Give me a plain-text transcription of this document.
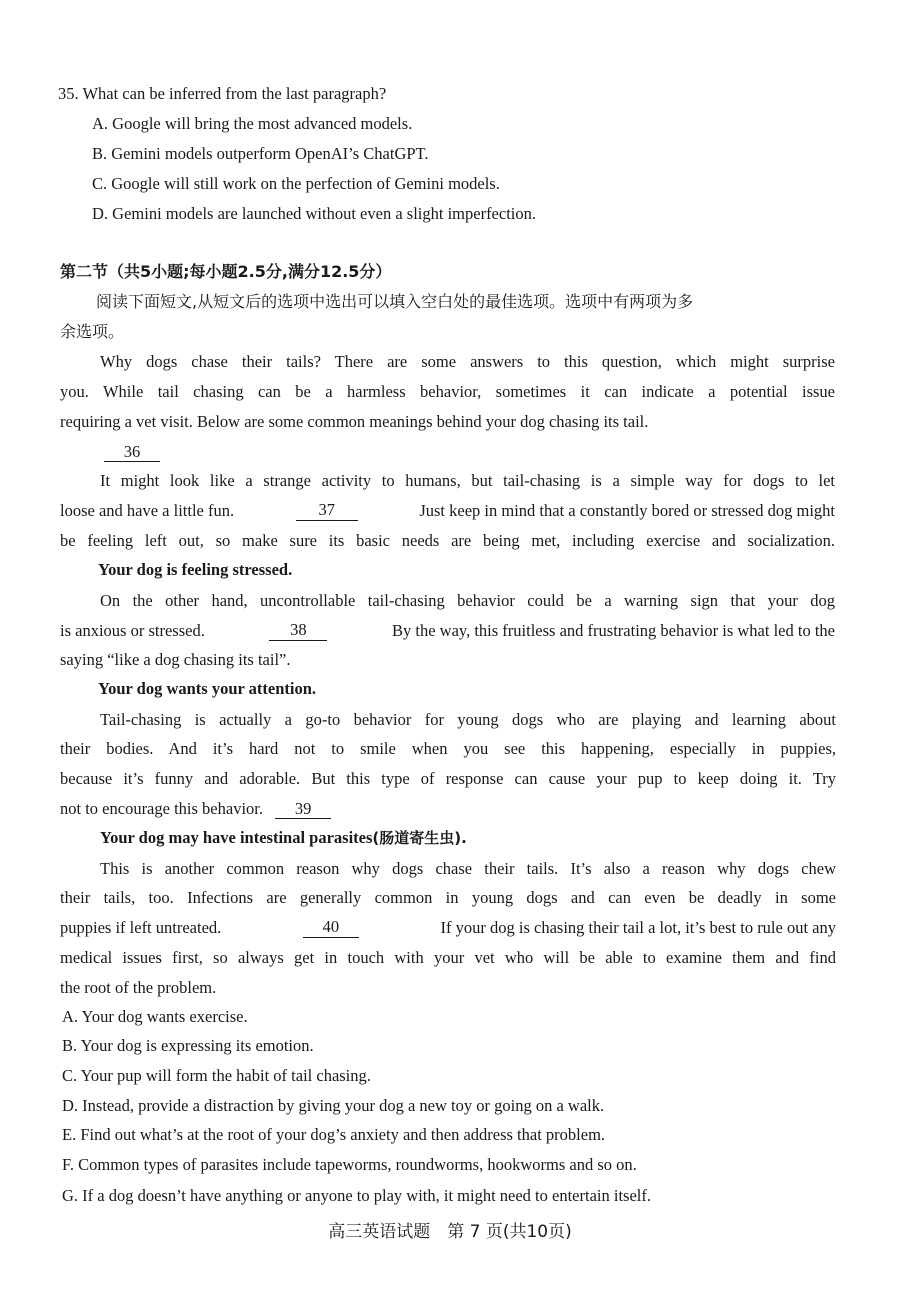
35. What can be inferred from the last paragraph?
A. Google will bring the most advanced models.
B. Gemini models outperform OpenAI’s ChatGPT.
C. Google will still work on the perfection of Gemini models.
D. Gemini models are launched without even a slight imperfection.
第二节（共5小题;每小题2.5分,满分12.5分）
阅读下面短文,从短文后的选项中选出可以填入空白处的最佳选项。选项中有两项为多
余选项。
Why dogs chase their tails? There are some answers to this question, which might surprise
you. While tail chasing can be a harmless behavior, sometimes it can indicate a potential issue
requiring a vet visit. Below are some common meanings behind your dog chasing its tail.
36
It might look like a strange activity to humans, but tail-chasing is a simple way for dogs to let
loose and have a little fun.	37	Just keep in mind that a constantly bored or stressed dog might
be feeling left out, so make sure its basic needs are being met, including exercise and socialization.
Your dog is feeling stressed.
On the other hand, uncontrollable tail-chasing behavior could be a warning sign that your dog
is anxious or stressed.	38	By the way, this fruitless and frustrating behavior is what led to the
saying “like a dog chasing its tail”.
Your dog wants your attention.
Tail-chasing is actually a go-to behavior for young dogs who are playing and learning about
their bodies. And it’s hard not to smile when you see this happening, especially in puppies,
because it’s funny and adorable. But this type of response can cause your pup to keep doing it. Try
not to encourage this behavior. 39
Your dog may have intestinal parasites(肠道寄生虫).
This is another common reason why dogs chase their tails. It’s also a reason why dogs chew
their tails, too. Infections are generally common in young dogs and can even be deadly in some
puppies if left untreated.	40	If your dog is chasing their tail a lot, it’s best to rule out any
medical issues first, so always get in touch with your vet who will be able to examine them and find
the root of the problem.
A. Your dog wants exercise.
B. Your dog is expressing its emotion.
C. Your pup will form the habit of tail chasing.
D. Instead, provide a distraction by giving your dog a new toy or going on a walk.
E. Find out what’s at the root of your dog’s anxiety and then address that problem.
F. Common types of parasites include tapeworms, roundworms, hookworms and so on.
G. If a dog doesn’t have anything or anyone to play with, it might need to entertain itself.
高三英语试题　第 7 页(共10页)
